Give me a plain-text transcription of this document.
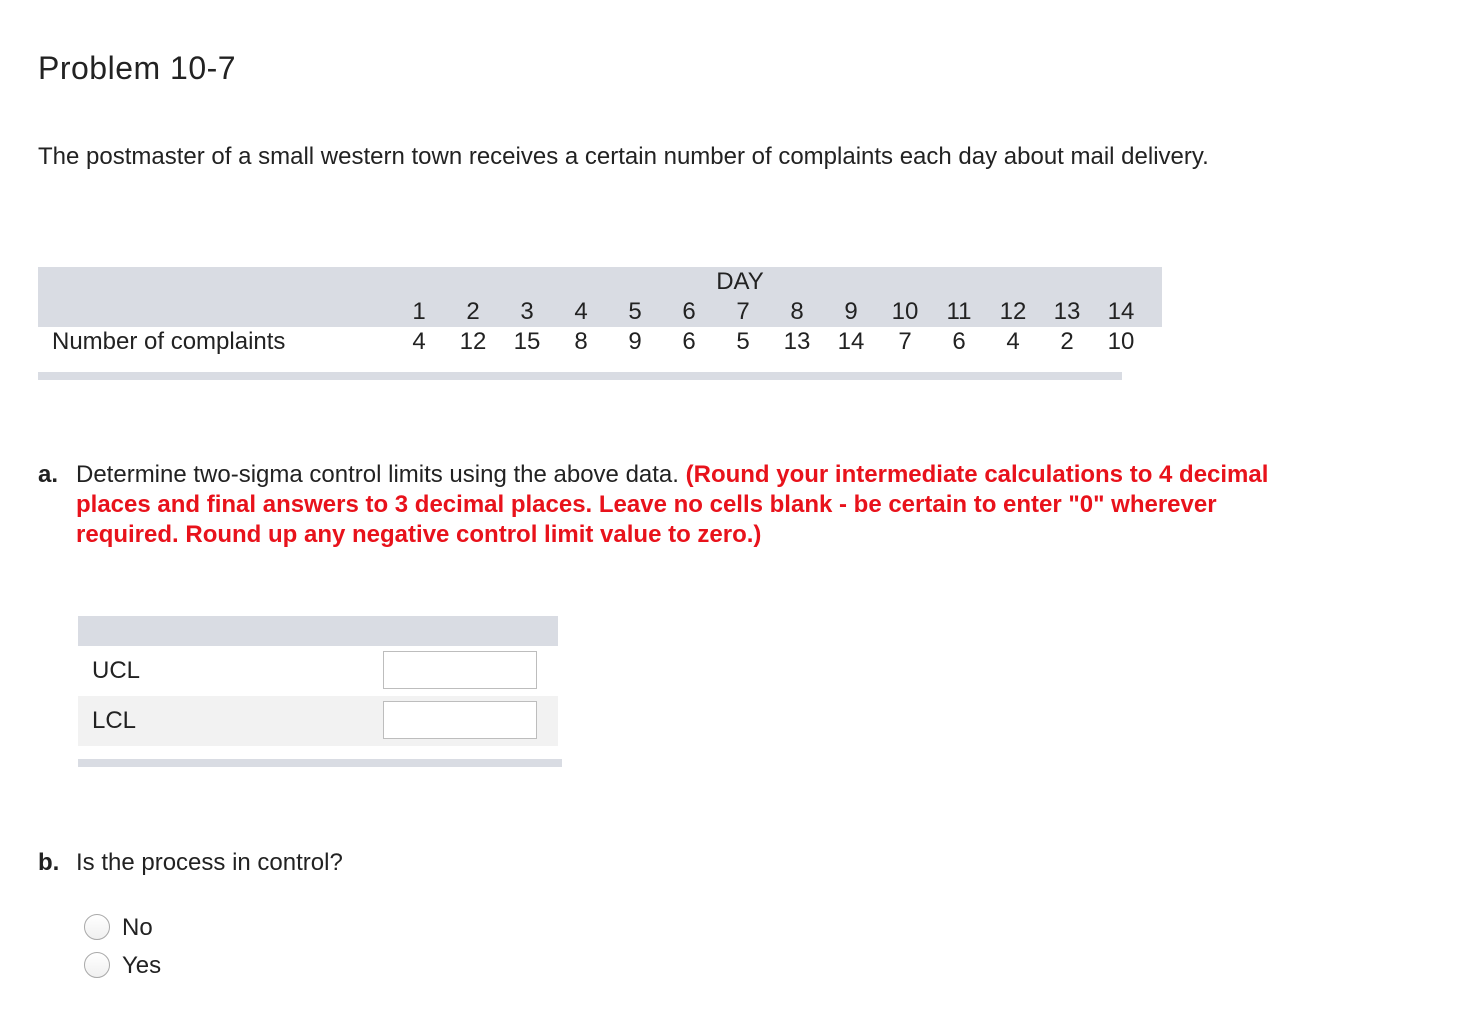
Problem 10-7
The postmaster of a small western town receives a certain number of complaints each day about mail delivery.
	DAY														
	1	2	3	4	5	6	7	8	9	10	11	12	13	14	
Number of complaints	4	12	15	8	9	6	5	13	14	7	6	4	2	10	
a. Determine two-sigma control limits using the above data. (Round your intermediate calculations to 4 decimal places and final answers to 3 decimal places. Leave no cells blank - be certain to enter "0" wherever required. Round up any negative control limit value to zero.)
UCL
LCL
b. Is the process in control?
No
Yes
